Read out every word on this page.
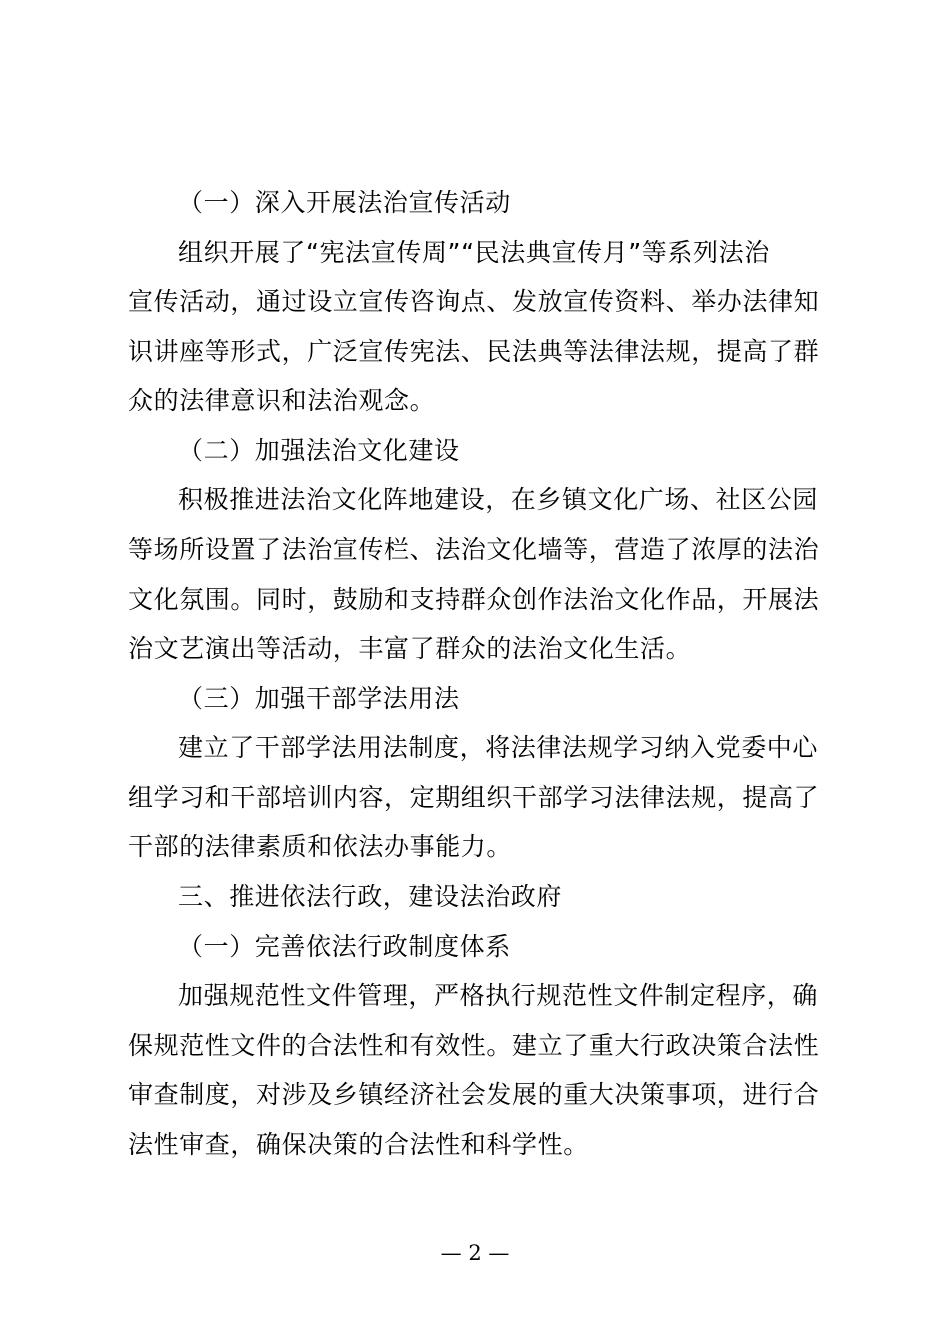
（一）深入开展法治宣传活动
组织开展了“宪法宣传周”“民法典宣传月”等系列法治
宣传活动，通过设立宣传咨询点、发放宣传资料、举办法律知
识讲座等形式，广泛宣传宪法、民法典等法律法规，提高了群
众的法律意识和法治观念。
（二）加强法治文化建设
积极推进法治文化阵地建设，在乡镇文化广场、社区公园
等场所设置了法治宣传栏、法治文化墙等，营造了浓厚的法治
文化氛围。同时，鼓励和支持群众创作法治文化作品，开展法
治文艺演出等活动，丰富了群众的法治文化生活。
（三）加强干部学法用法
建立了干部学法用法制度，将法律法规学习纳入党委中心
组学习和干部培训内容，定期组织干部学习法律法规，提高了
干部的法律素质和依法办事能力。
三、推进依法行政，建设法治政府
（一）完善依法行政制度体系
加强规范性文件管理，严格执行规范性文件制定程序，确
保规范性文件的合法性和有效性。建立了重大行政决策合法性
审查制度，对涉及乡镇经济社会发展的重大决策事项，进行合
法性审查，确保决策的合法性和科学性。
— 2 —
